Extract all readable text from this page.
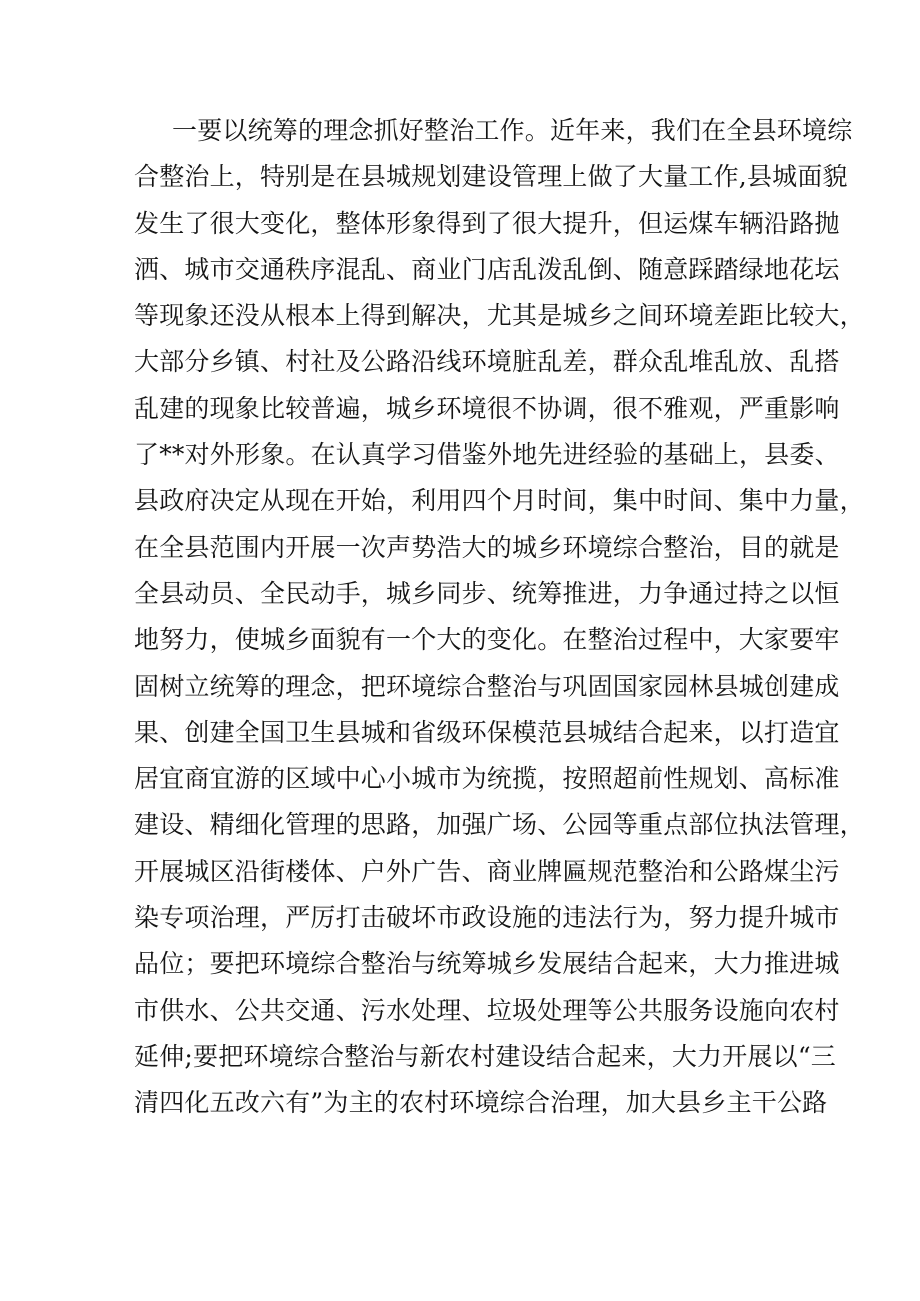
一要以统筹的理念抓好整治工作。近年来，我们在全县环境综
合整治上，特别是在县城规划建设管理上做了大量工作,县城面貌
发生了很大变化，整体形象得到了很大提升，但运煤车辆沿路抛
洒、城市交通秩序混乱、商业门店乱泼乱倒、随意踩踏绿地花坛
等现象还没从根本上得到解决，尤其是城乡之间环境差距比较大，
大部分乡镇、村社及公路沿线环境脏乱差，群众乱堆乱放、乱搭
乱建的现象比较普遍，城乡环境很不协调，很不雅观，严重影响
了**对外形象。在认真学习借鉴外地先进经验的基础上，县委、
县政府决定从现在开始，利用四个月时间，集中时间、集中力量，
在全县范围内开展一次声势浩大的城乡环境综合整治，目的就是
全县动员、全民动手，城乡同步、统筹推进，力争通过持之以恒
地努力，使城乡面貌有一个大的变化。在整治过程中，大家要牢
固树立统筹的理念，把环境综合整治与巩固国家园林县城创建成
果、创建全国卫生县城和省级环保模范县城结合起来，以打造宜
居宜商宜游的区域中心小城市为统揽，按照超前性规划、高标准
建设、精细化管理的思路，加强广场、公园等重点部位执法管理，
开展城区沿街楼体、户外广告、商业牌匾规范整治和公路煤尘污
染专项治理，严厉打击破坏市政设施的违法行为，努力提升城市
品位；要把环境综合整治与统筹城乡发展结合起来，大力推进城
市供水、公共交通、污水处理、垃圾处理等公共服务设施向农村
延伸;要把环境综合整治与新农村建设结合起来，大力开展以“三
清四化五改六有”为主的农村环境综合治理，加大县乡主干公路
